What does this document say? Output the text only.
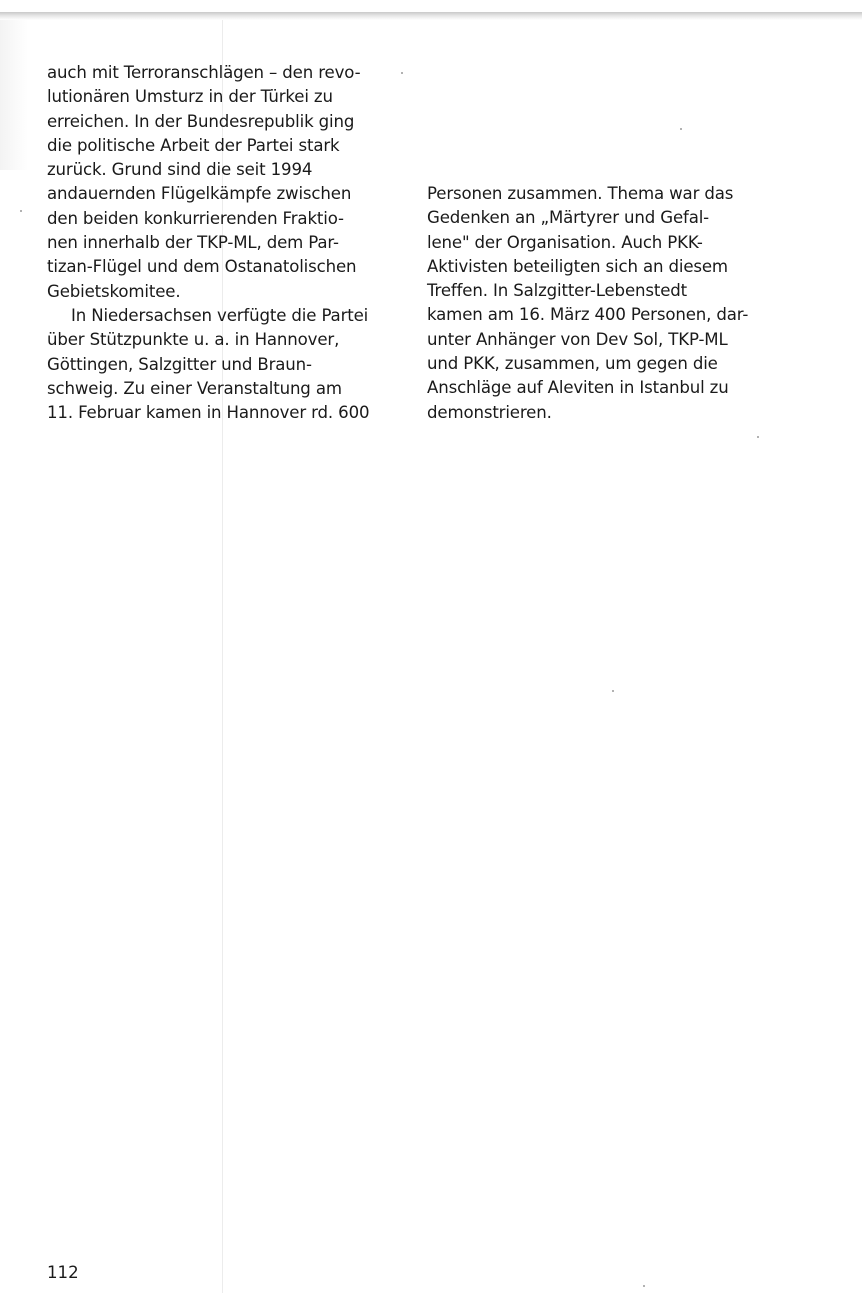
auch mit Terroranschlägen – den revo-
lutionären Umsturz in der Türkei zu
erreichen. In der Bundesrepublik ging
die politische Arbeit der Partei stark
zurück. Grund sind die seit 1994
andauernden Flügelkämpfe zwischen
den beiden konkurrierenden Fraktio-
nen innerhalb der TKP-ML, dem Par-
tizan-Flügel und dem Ostanatolischen
Gebietskomitee.
In Niedersachsen verfügte die Partei
über Stützpunkte u. a. in Hannover,
Göttingen, Salzgitter und Braun-
schweig. Zu einer Veranstaltung am
11. Februar kamen in Hannover rd. 600
Personen zusammen. Thema war das
Gedenken an „Märtyrer und Gefal-
lene" der Organisation. Auch PKK-
Aktivisten beteiligten sich an diesem
Treffen. In Salzgitter-Lebenstedt
kamen am 16. März 400 Personen, dar-
unter Anhänger von Dev Sol, TKP-ML
und PKK, zusammen, um gegen die
Anschläge auf Aleviten in Istanbul zu
demonstrieren.
112
